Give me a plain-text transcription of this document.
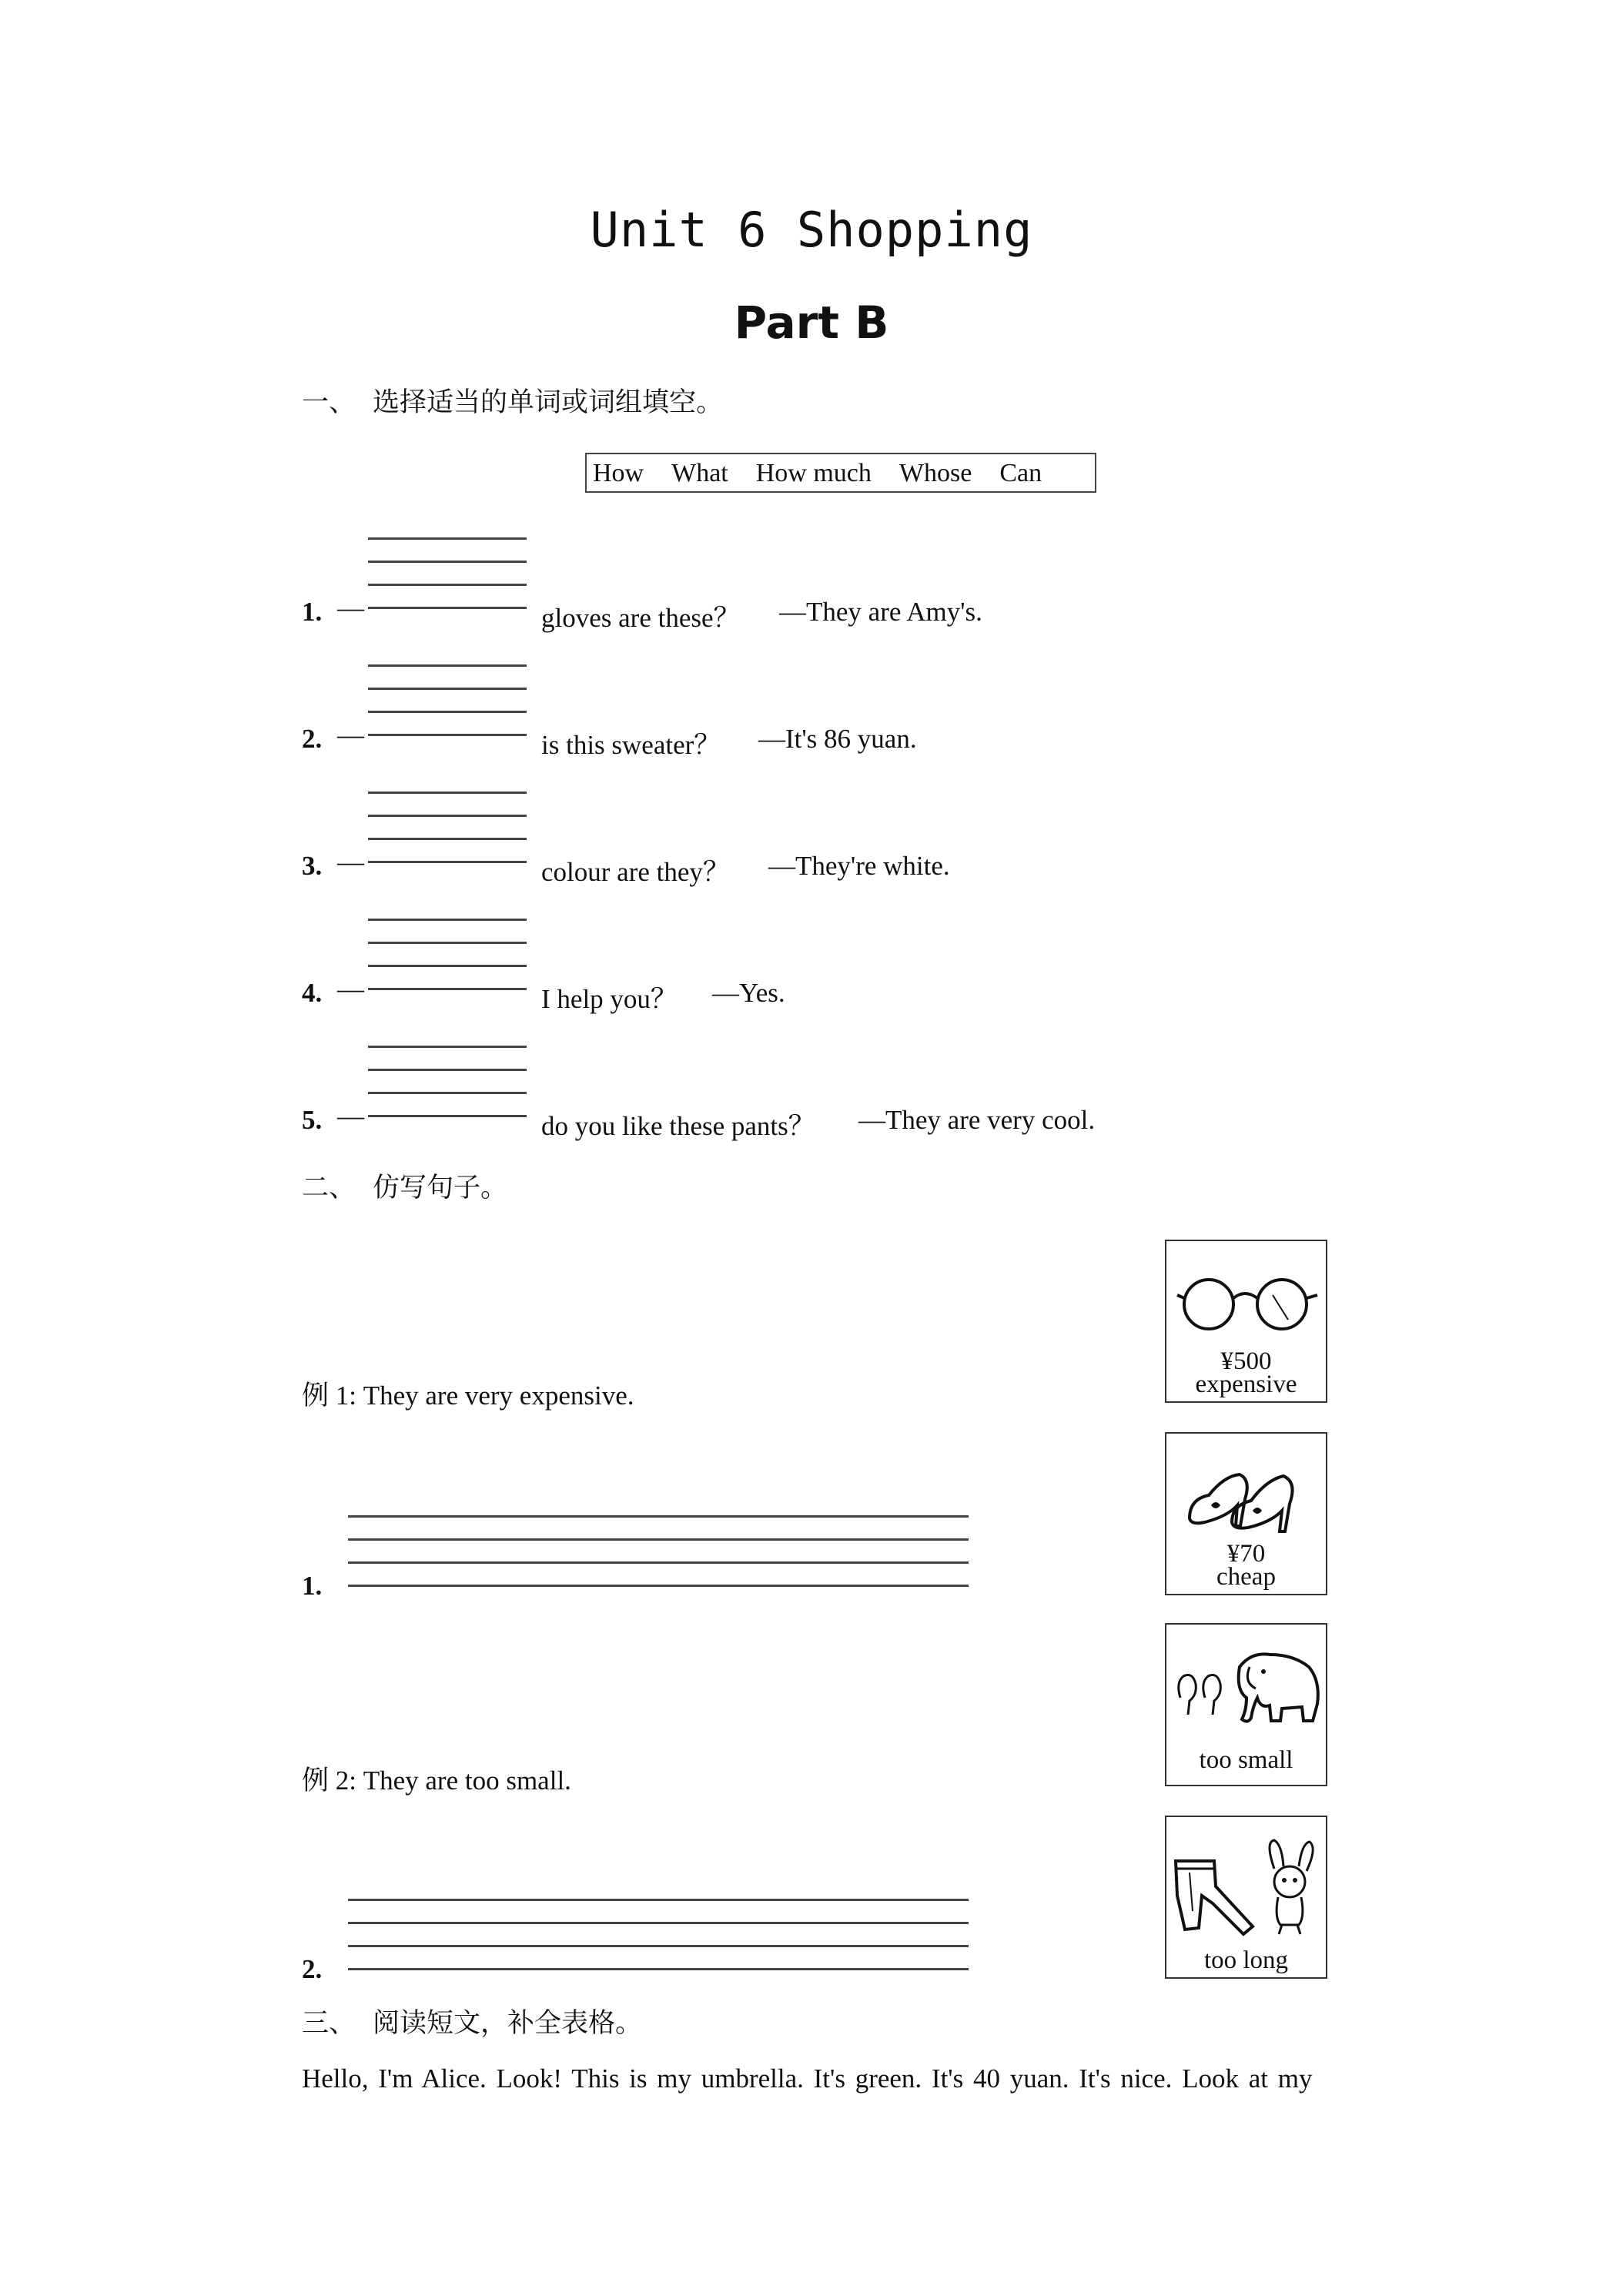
Unit 6 Shopping
Part B
一、 选择适当的单词或词组填空。
How What How much Whose Can
1. —	gloves are these？ —They are Amy's.
2. —	is this sweater？ —It's 86 yuan.
3. —	colour are they？ —They're white.
4. —	I help you？ —Yes.
5. —	do you like these pants？ —They are very cool.
二、 仿写句子。
例 1: They are very expensive.
1.
例 2: They are too small.
2.
¥500
expensive
¥70
cheap
too small
too long
三、 阅读短文，补全表格。
Hello, I'm Alice. Look! This is my umbrella. It's green. It's 40 yuan. It's nice. Look at my
